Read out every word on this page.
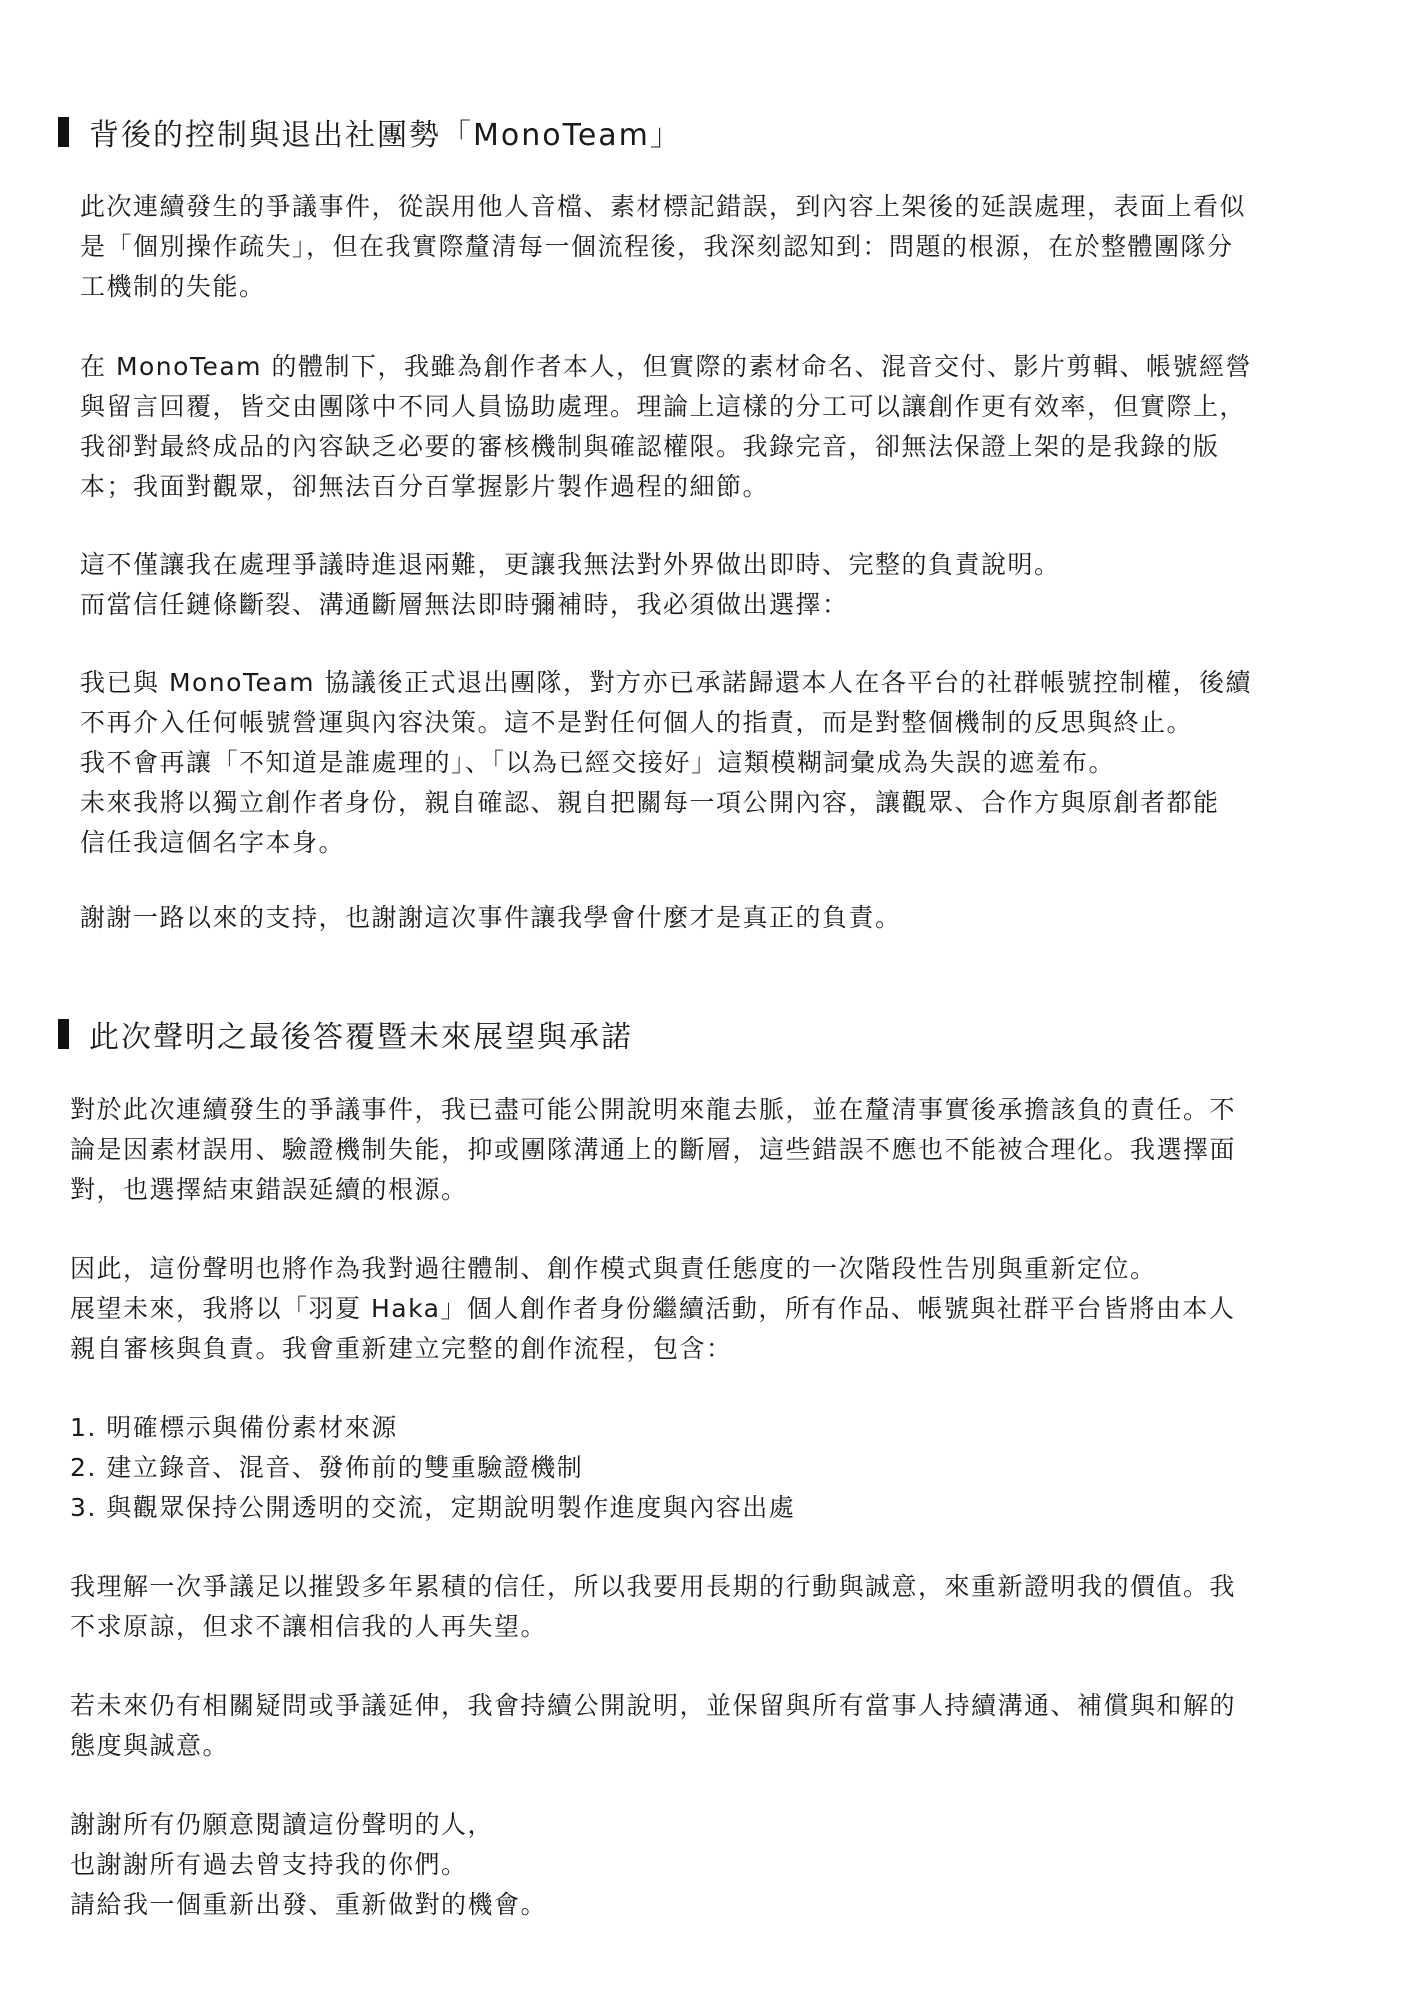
背後的控制與退出社團勢「MonoTeam」
此次連續發生的爭議事件，從誤用他人音檔、素材標記錯誤，到內容上架後的延誤處理，表面上看似
是「個別操作疏失」，但在我實際釐清每一個流程後，我深刻認知到：問題的根源，在於整體團隊分
工機制的失能。
在 MonoTeam 的體制下，我雖為創作者本人，但實際的素材命名、混音交付、影片剪輯、帳號經營
與留言回覆，皆交由團隊中不同人員協助處理。理論上這樣的分工可以讓創作更有效率，但實際上，
我卻對最終成品的內容缺乏必要的審核機制與確認權限。我錄完音，卻無法保證上架的是我錄的版
本；我面對觀眾，卻無法百分百掌握影片製作過程的細節。
這不僅讓我在處理爭議時進退兩難，更讓我無法對外界做出即時、完整的負責說明。
而當信任鏈條斷裂、溝通斷層無法即時彌補時，我必須做出選擇：
我已與 MonoTeam 協議後正式退出團隊，對方亦已承諾歸還本人在各平台的社群帳號控制權，後續
不再介入任何帳號營運與內容決策。這不是對任何個人的指責，而是對整個機制的反思與終止。
我不會再讓「不知道是誰處理的」、「以為已經交接好」這類模糊詞彙成為失誤的遮羞布。
未來我將以獨立創作者身份，親自確認、親自把關每一項公開內容，讓觀眾、合作方與原創者都能
信任我這個名字本身。
謝謝一路以來的支持，也謝謝這次事件讓我學會什麼才是真正的負責。
此次聲明之最後答覆暨未來展望與承諾
對於此次連續發生的爭議事件，我已盡可能公開說明來龍去脈，並在釐清事實後承擔該負的責任。不
論是因素材誤用、驗證機制失能，抑或團隊溝通上的斷層，這些錯誤不應也不能被合理化。我選擇面
對，也選擇結束錯誤延續的根源。
因此，這份聲明也將作為我對過往體制、創作模式與責任態度的一次階段性告別與重新定位。
展望未來，我將以「羽夏 Haka」個人創作者身份繼續活動，所有作品、帳號與社群平台皆將由本人
親自審核與負責。我會重新建立完整的創作流程，包含：
1. 明確標示與備份素材來源
2. 建立錄音、混音、發佈前的雙重驗證機制
3. 與觀眾保持公開透明的交流，定期說明製作進度與內容出處
我理解一次爭議足以摧毀多年累積的信任，所以我要用長期的行動與誠意，來重新證明我的價值。我
不求原諒，但求不讓相信我的人再失望。
若未來仍有相關疑問或爭議延伸，我會持續公開說明，並保留與所有當事人持續溝通、補償與和解的
態度與誠意。
謝謝所有仍願意閱讀這份聲明的人，
也謝謝所有過去曾支持我的你們。
請給我一個重新出發、重新做對的機會。
